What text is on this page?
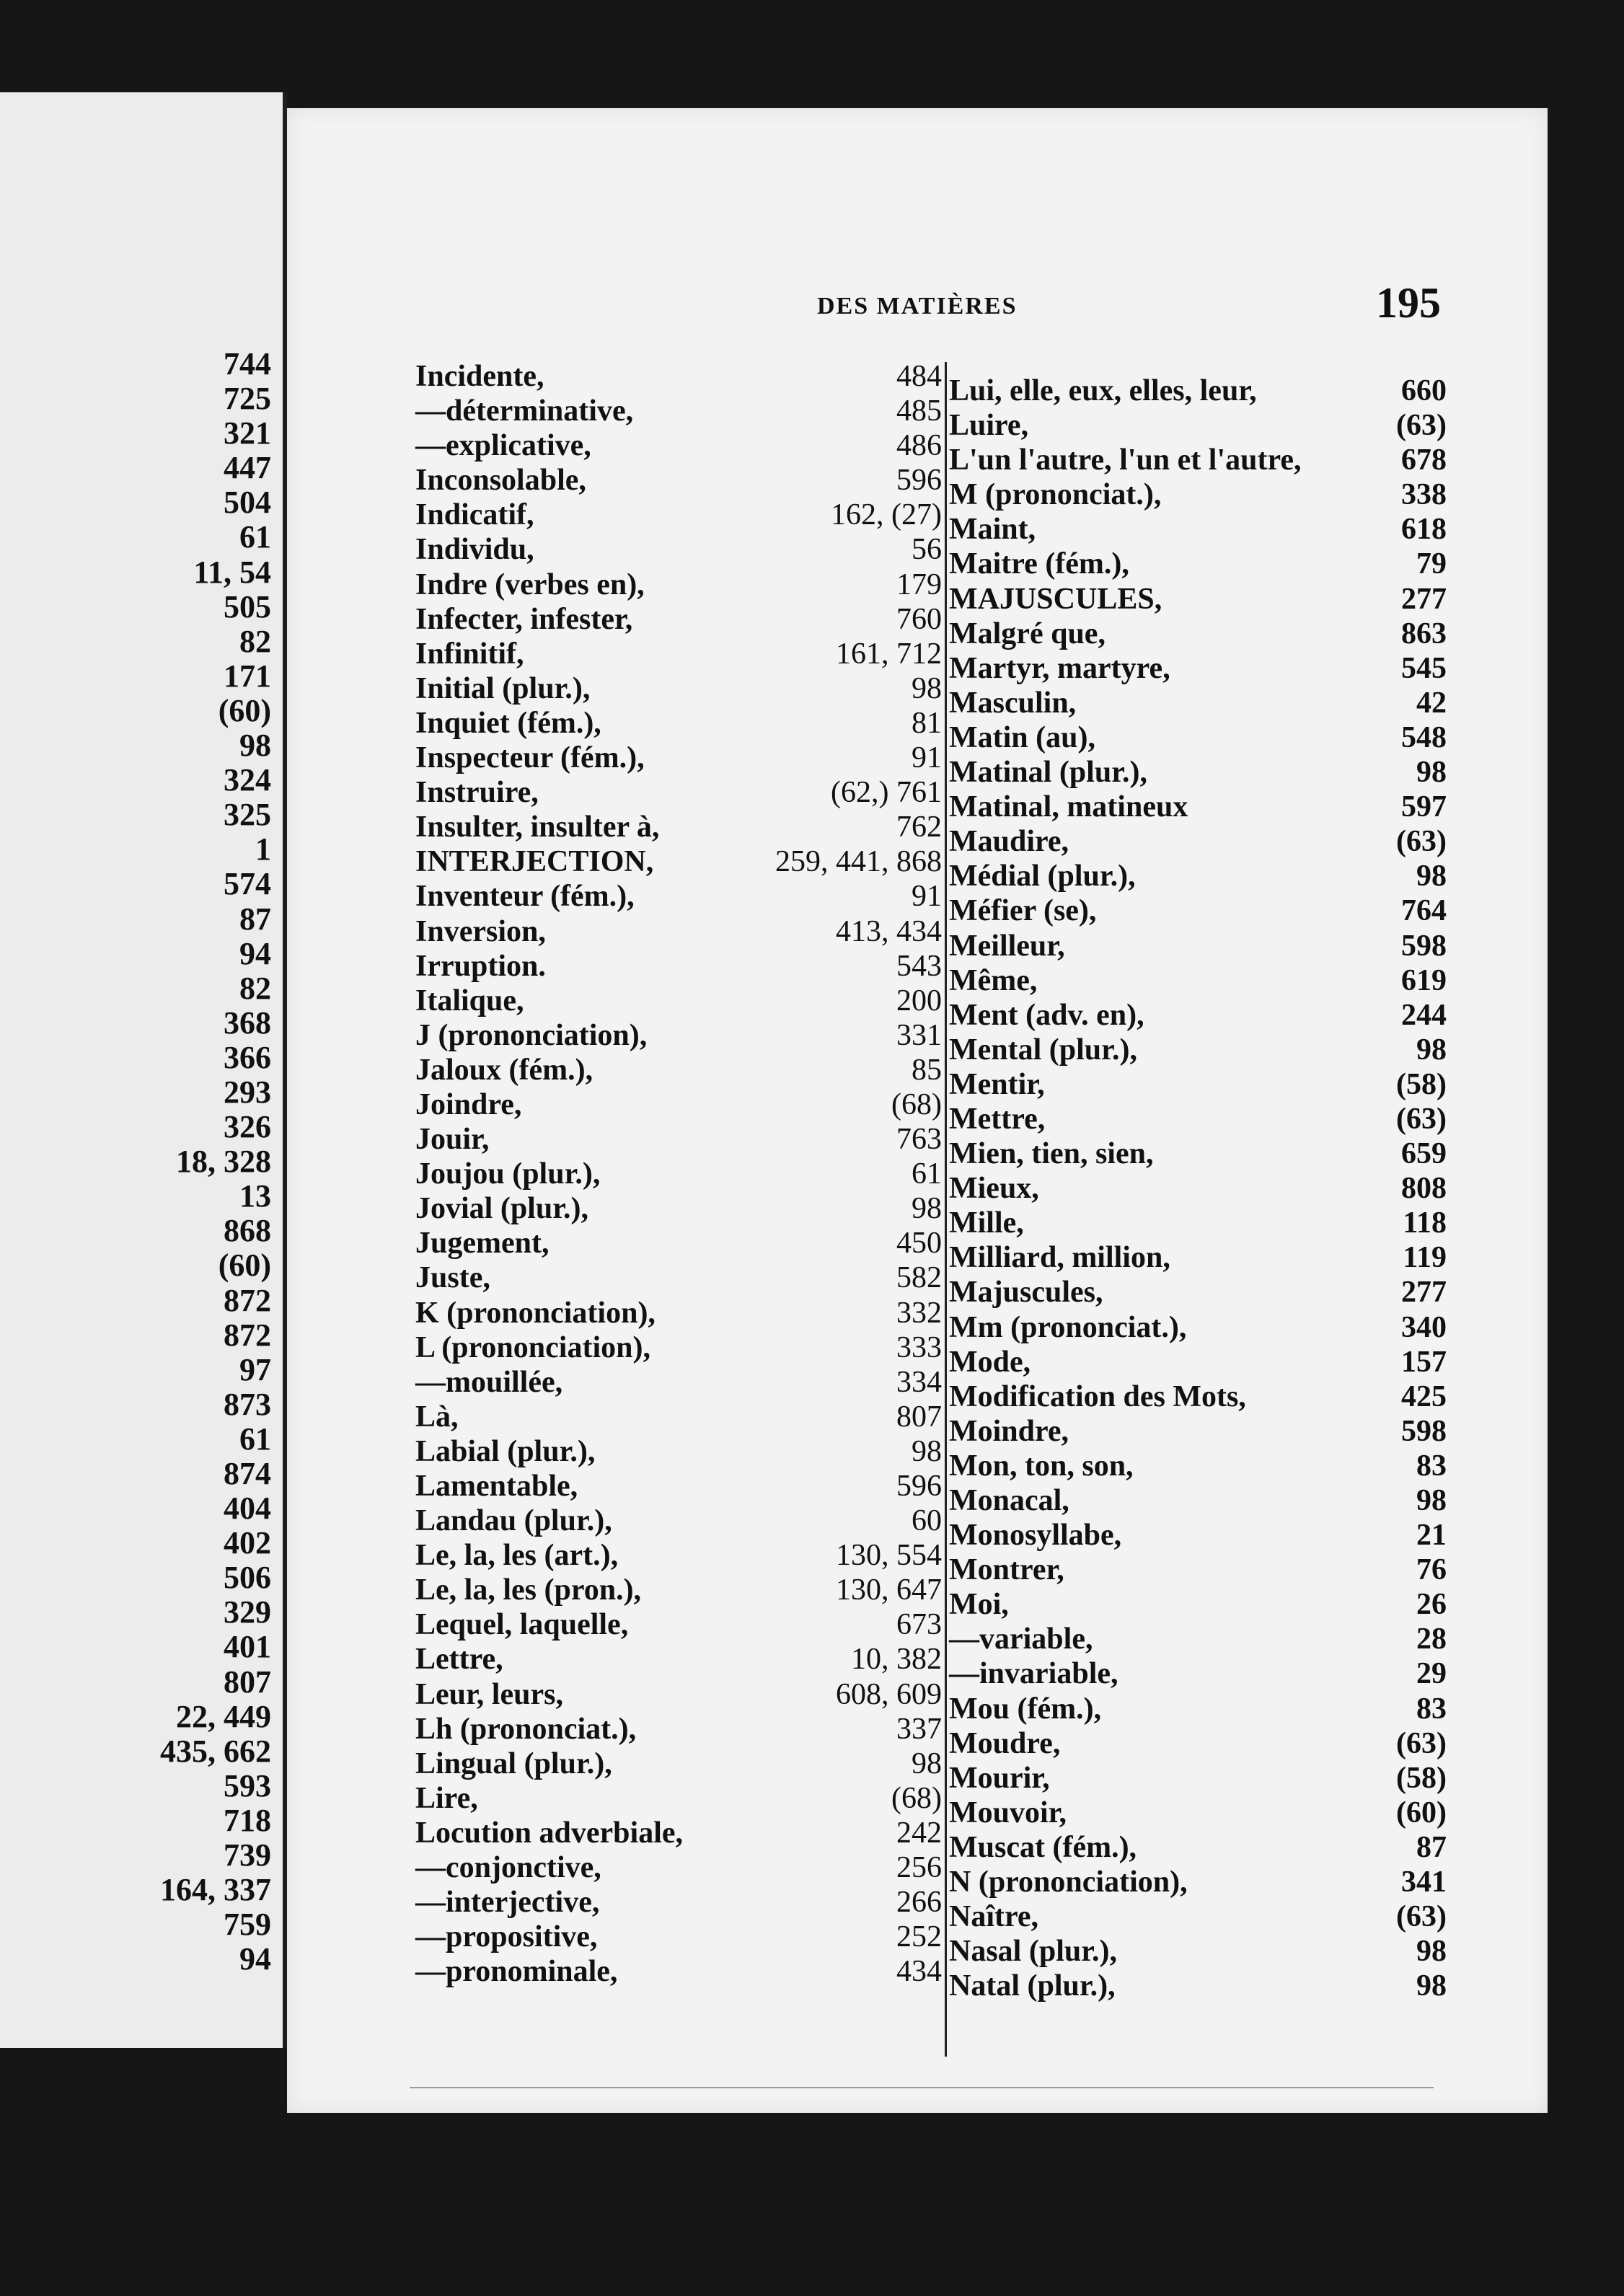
744
725
321
447
504
61
11, 54
505
82
171
(60)
98
324
325
1
574
87
94
82
368
366
293
326
18, 328
13
868
(60)
872
872
97
873
61
874
404
402
506
329
401
807
22, 449
435, 662
593
718
739
164, 337
759
94
DES MATIÈRES	195
Incidente,	484
—déterminative,	485
—explicative,	486
Inconsolable,	596
Indicatif,	162, (27)
Individu,	56
Indre (verbes en),	179
Infecter, infester,	760
Infinitif,	161, 712
Initial (plur.),	98
Inquiet (fém.),	81
Inspecteur (fém.),	91
Instruire,	(62,) 761
Insulter, insulter à,	762
INTERJECTION,	259, 441, 868
Inventeur (fém.),	91
Inversion,	413, 434
Irruption.	543
Italique,	200
J (prononciation),	331
Jaloux (fém.),	85
Joindre,	(68)
Jouir,	763
Joujou (plur.),	61
Jovial (plur.),	98
Jugement,	450
Juste,	582
K (prononciation),	332
L (prononciation),	333
—mouillée,	334
Là,	807
Labial (plur.),	98
Lamentable,	596
Landau (plur.),	60
Le, la, les (art.),	130, 554
Le, la, les (pron.),	130, 647
Lequel, laquelle,	673
Lettre,	10, 382
Leur, leurs,	608, 609
Lh (prononciat.),	337
Lingual (plur.),	98
Lire,	(68)
Locution adverbiale,	242
—conjonctive,	256
—interjective,	266
—propositive,	252
—pronominale,	434
Lui, elle, eux, elles, leur,	660
Luire,	(63)
L'un l'autre, l'un et l'autre,	678
M (prononciat.),	338
Maint,	618
Maitre (fém.),	79
MAJUSCULES,	277
Malgré que,	863
Martyr, martyre,	545
Masculin,	42
Matin (au),	548
Matinal (plur.),	98
Matinal, matineux	597
Maudire,	(63)
Médial (plur.),	98
Méfier (se),	764
Meilleur,	598
Même,	619
Ment (adv. en),	244
Mental (plur.),	98
Mentir,	(58)
Mettre,	(63)
Mien, tien, sien,	659
Mieux,	808
Mille,	118
Milliard, million,	119
Majuscules,	277
Mm (prononciat.),	340
Mode,	157
Modification des Mots,	425
Moindre,	598
Mon, ton, son,	83
Monacal,	98
Monosyllabe,	21
Montrer,	76
Moi,	26
—variable,	28
—invariable,	29
Mou (fém.),	83
Moudre,	(63)
Mourir,	(58)
Mouvoir,	(60)
Muscat (fém.),	87
N (prononciation),	341
Naître,	(63)
Nasal (plur.),	98
Natal (plur.),	98
